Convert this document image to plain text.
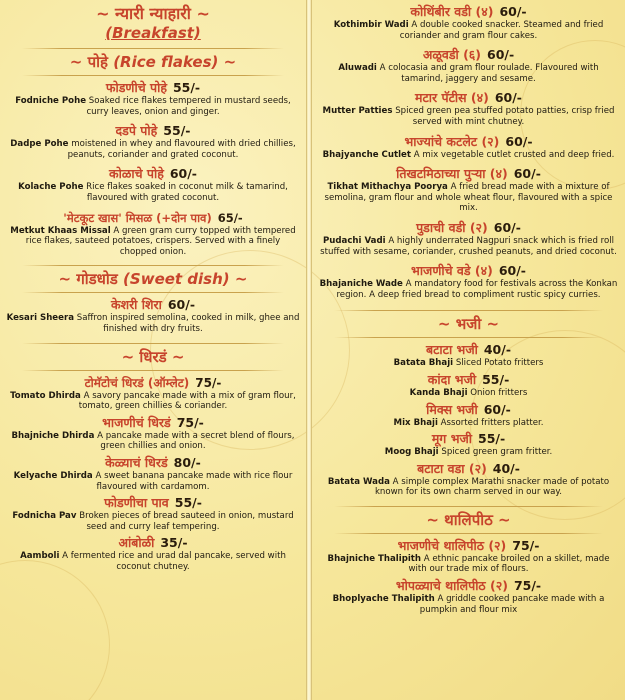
~ न्यारी न्याहारी ~
(Breakfast)
~ पोहे (Rice flakes) ~
फोडणीचे पोहे 55/-
Fodniche Pohe Soaked rice flakes tempered in mustard seeds, curry leaves, onion and ginger.
दडपे पोहे 55/-
Dadpe Pohe moistened in whey and flavoured with dried chillies, peanuts, coriander and grated coconut.
कोळाचे पोहे 60/-
Kolache Pohe Rice flakes soaked in coconut milk & tamarind, flavoured with grated coconut.
'मेटकूट खास' मिसळ (+दोन पाव) 65/-
Metkut Khaas Missal A green gram curry topped with tempered rice flakes, sauteed potatoes, crispers. Served with a finely chopped onion.
~ गोडधोड (Sweet dish) ~
केशरी शिरा 60/-
Kesari Sheera Saffron inspired semolina, cooked in milk, ghee and finished with dry fruits.
~ धिरडं ~
टोमॅटोचं धिरडं (ऑम्लेट) 75/-
Tomato Dhirda A savory pancake made with a mix of gram flour, tomato, green chillies & coriander.
भाजणीचं धिरडं 75/-
Bhajniche Dhirda A pancake made with a secret blend of flours, green chillies and onion.
केळ्याचं धिरडं 80/-
Kelyache Dhirda A sweet banana pancake made with rice flour flavoured with cardamom.
फोडणीचा पाव 55/-
Fodnicha Pav Broken pieces of bread sauteed in onion, mustard seed and curry leaf tempering.
आंबोळी 35/-
Aamboli A fermented rice and urad dal pancake, served with coconut chutney.
कोथिंबीर वडी (४) 60/-
Kothimbir Wadi A double cooked snacker. Steamed and fried coriander and gram flour cakes.
अळूवडी (६) 60/-
Aluwadi A colocasia and gram flour roulade. Flavoured with tamarind, jaggery and sesame.
मटार पॅटीस (४) 60/-
Mutter Patties Spiced green pea stuffed potato patties, crisp fried served with mint chutney.
भाज्यांचे कटलेट (२) 60/-
Bhajyanche Cutlet A mix vegetable cutlet crusted and deep fried.
तिखटमिठाच्या पुऱ्या (४) 60/-
Tikhat Mithachya Poorya A fried bread made with a mixture of semolina, gram flour and whole wheat flour, flavoured with a spice mix.
पुडाची वडी (२) 60/-
Pudachi Vadi A highly underrated Nagpuri snack which is fried roll stuffed with sesame, coriander, crushed peanuts, and dried coconut.
भाजणीचे वडे (४) 60/-
Bhajaniche Wade A mandatory food for festivals across the Konkan region. A deep fried bread to compliment rustic spicy curries.
~ भजी ~
बटाटा भजी 40/-
Batata Bhaji Sliced Potato fritters
कांदा भजी 55/-
Kanda Bhaji Onion fritters
मिक्स भजी 60/-
Mix Bhaji Assorted fritters platter.
मूग भजी 55/-
Moog Bhaji Spiced green gram fritter.
बटाटा वडा (२) 40/-
Batata Wada A simple complex Marathi snacker made of potato known for its own charm served in our way.
~ थालिपीठ ~
भाजणीचे थालिपीठ (२) 75/-
Bhajniche Thalipith A ethnic pancake broiled on a skillet, made with our trade mix of flours.
भोपळ्याचे थालिपीठ (२) 75/-
Bhoplyache Thalipith A griddle cooked pancake made with a pumpkin and flour mix
